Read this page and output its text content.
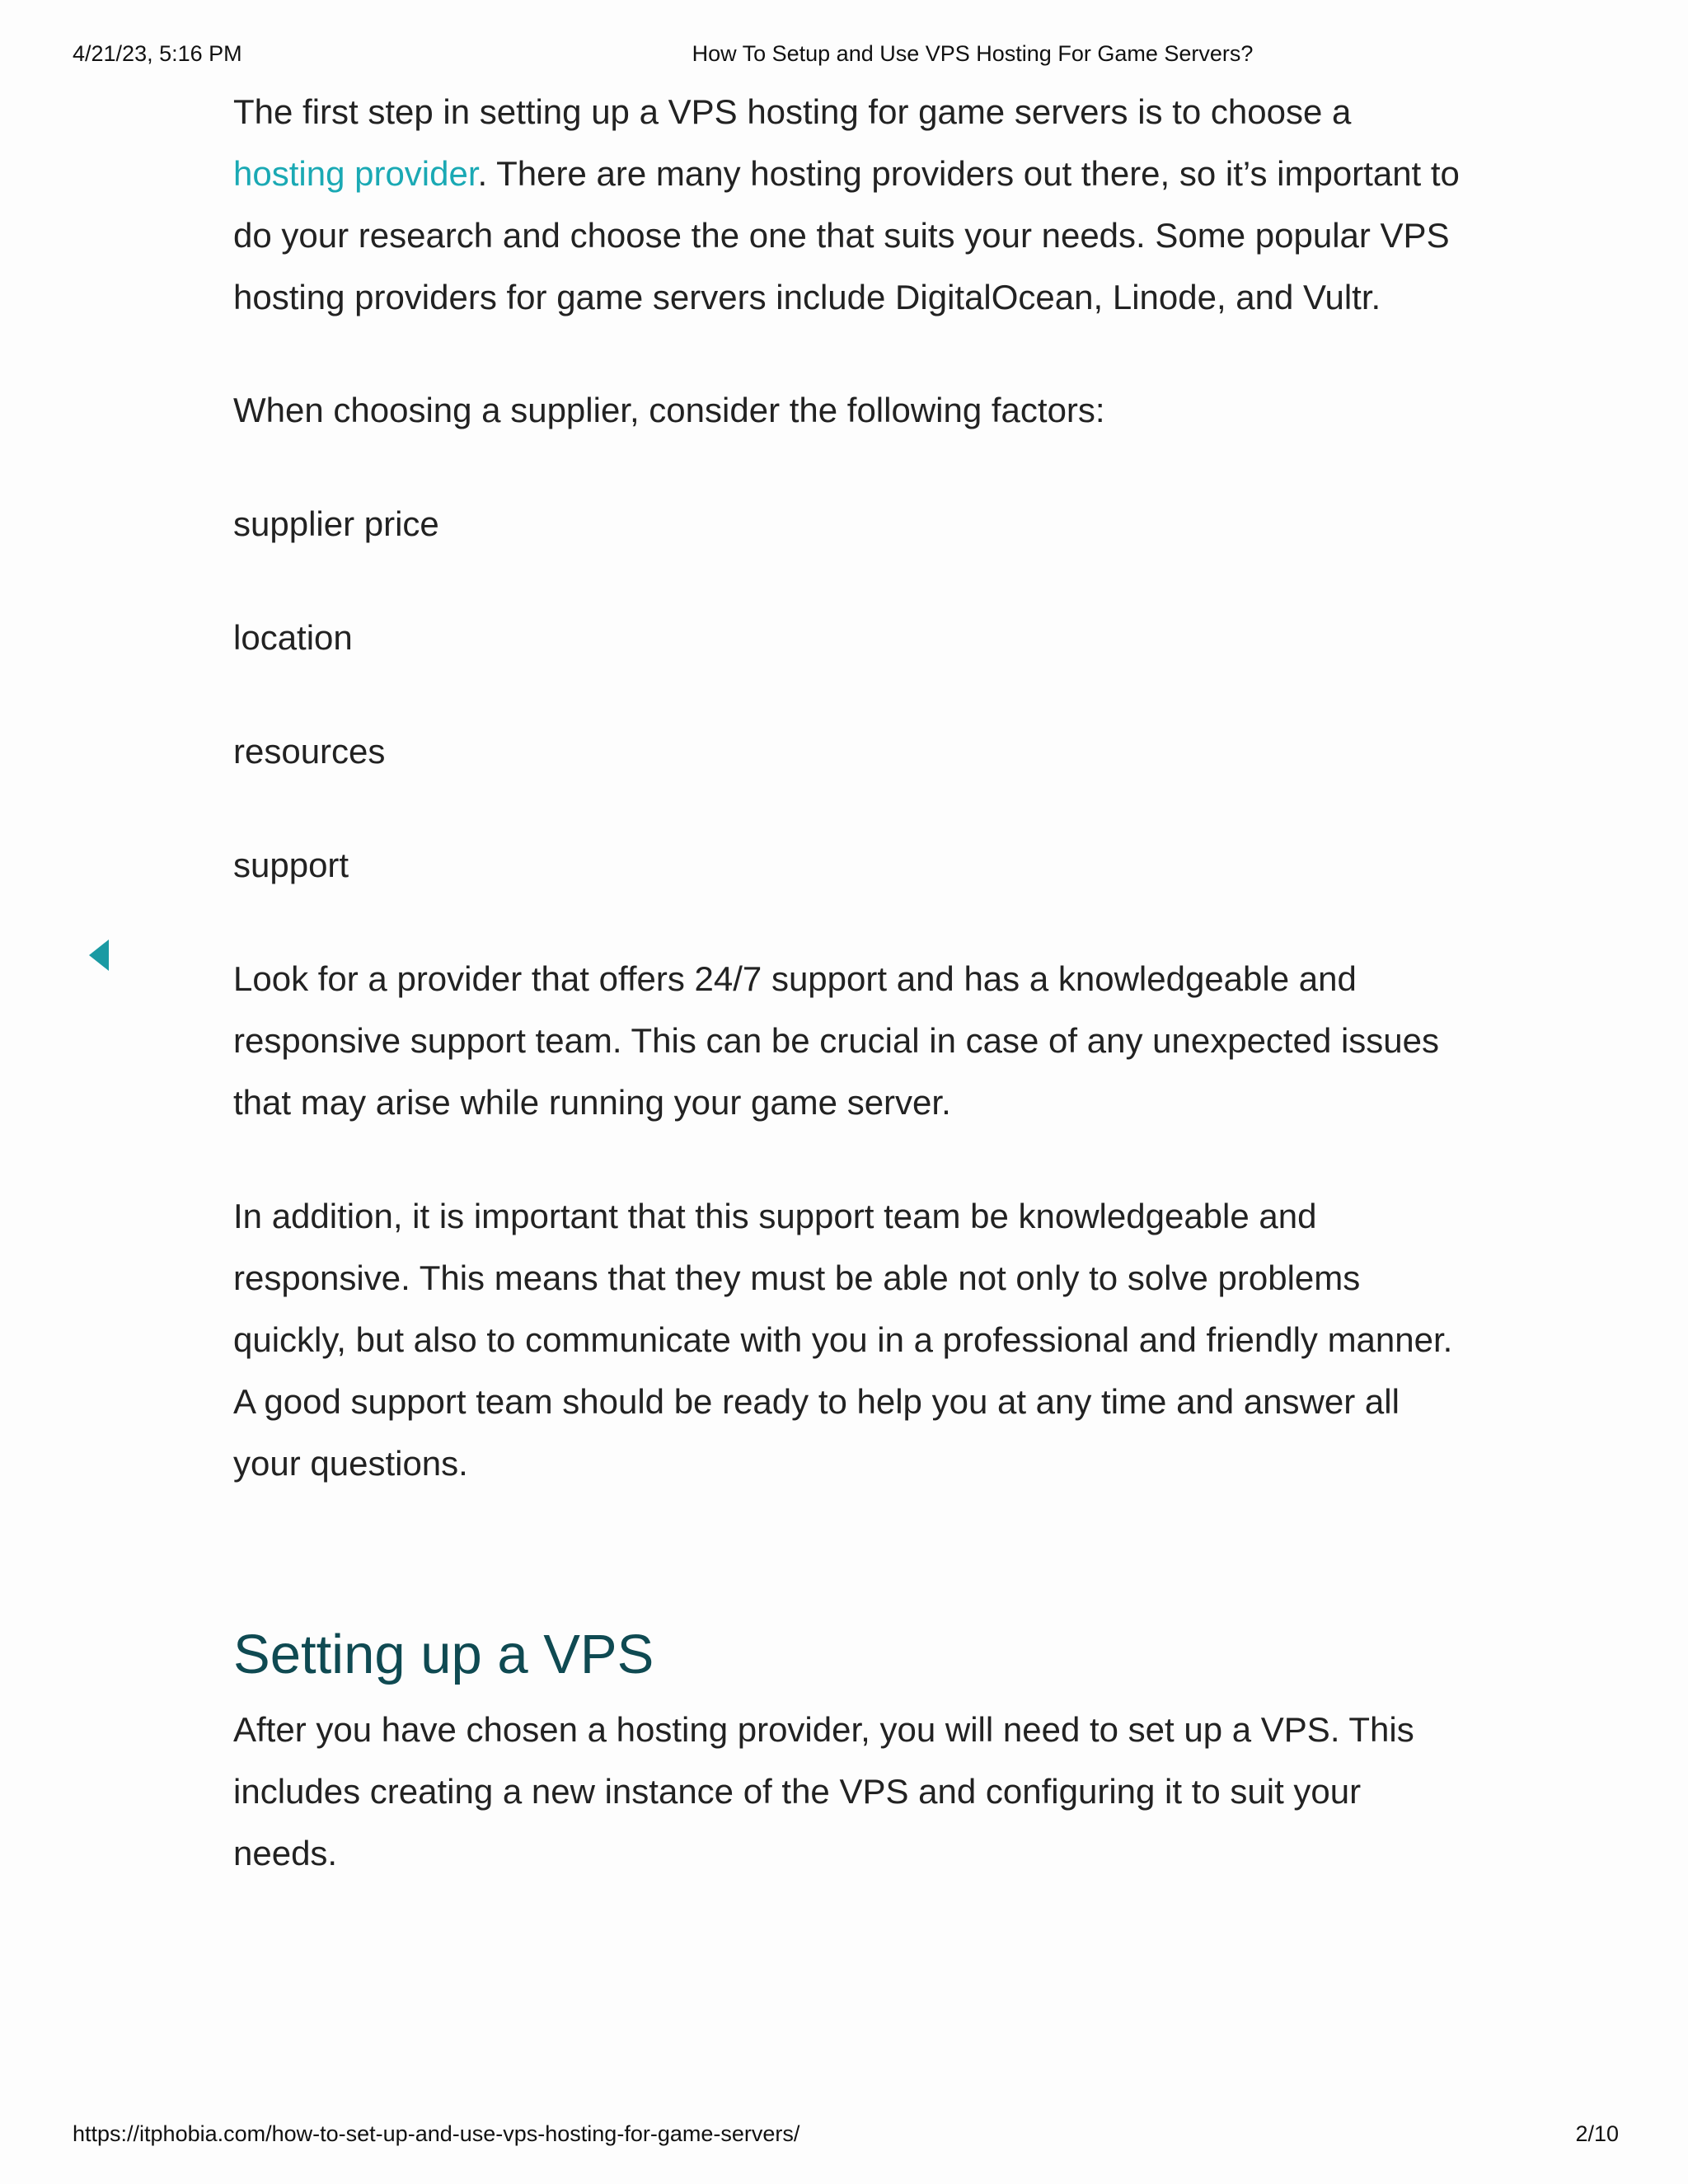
4/21/23, 5:16 PM	How To Setup and Use VPS Hosting For Game Servers?

The first step in setting up a VPS hosting for game servers is to choose a hosting provider. There are many hosting providers out there, so it’s important to do your research and choose the one that suits your needs. Some popular VPS hosting providers for game servers include DigitalOcean, Linode, and Vultr.

When choosing a supplier, consider the following factors:

supplier price

location

resources

support

Look for a provider that offers 24/7 support and has a knowledgeable and responsive support team. This can be crucial in case of any unexpected issues that may arise while running your game server.

In addition, it is important that this support team be knowledgeable and responsive. This means that they must be able not only to solve problems quickly, but also to communicate with you in a professional and friendly manner. A good support team should be ready to help you at any time and answer all your questions.

Setting up a VPS

After you have chosen a hosting provider, you will need to set up a VPS. This includes creating a new instance of the VPS and configuring it to suit your needs.

https://itphobia.com/how-to-set-up-and-use-vps-hosting-for-game-servers/	2/10
